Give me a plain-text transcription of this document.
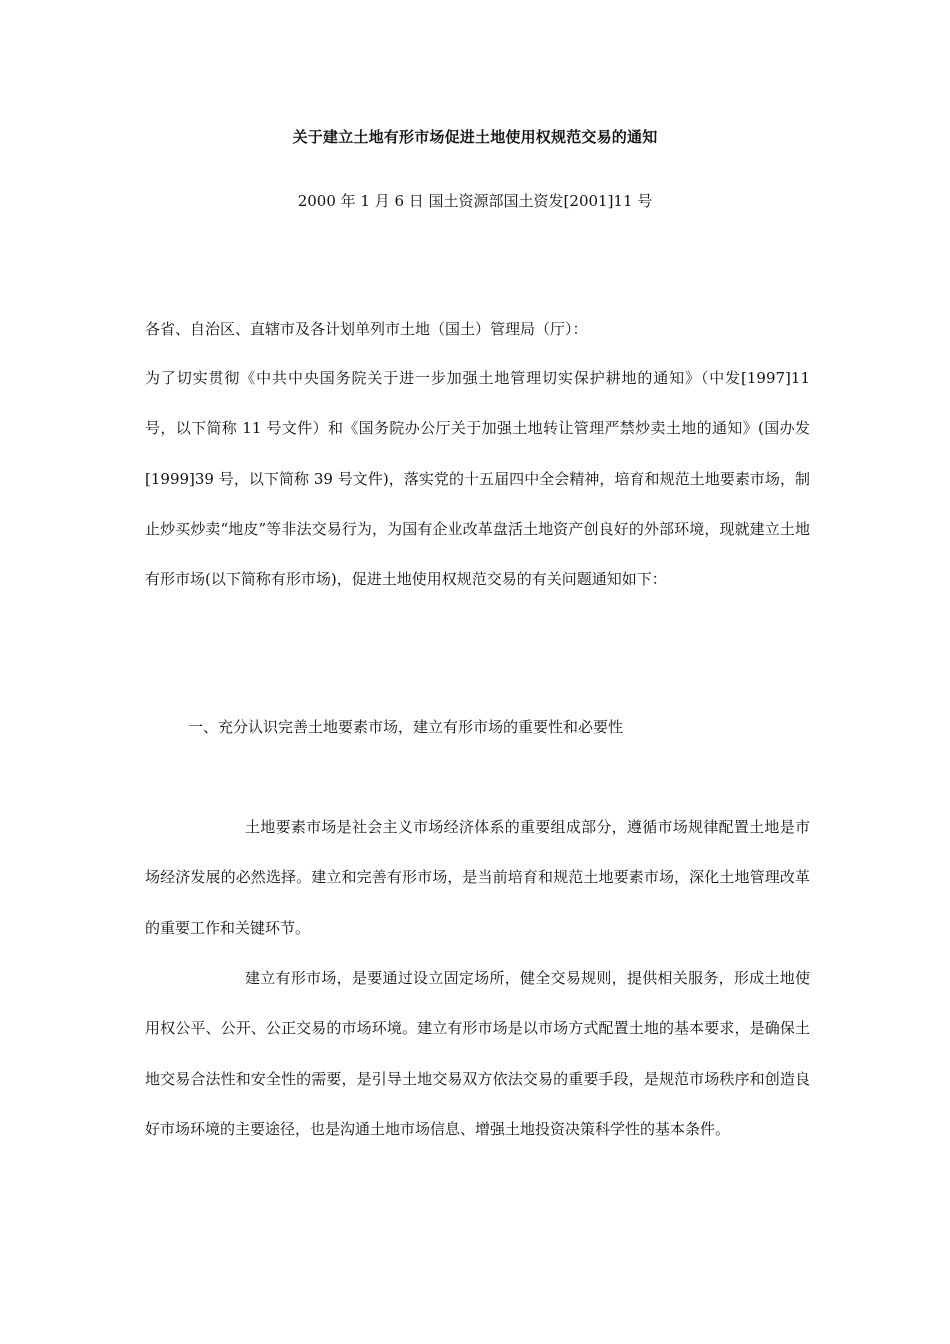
关于建立土地有形市场促进土地使用权规范交易的通知
2000 年 1 月 6 日 国土资源部国土资发[2001]11 号
各省、自治区、直辖市及各计划单列市土地（国土）管理局（厅）：
为了切实贯彻《中共中央国务院关于进一步加强土地管理切实保护耕地的通知》（中发[1997]11 号，以下简称 11 号文件）和《国务院办公厅关于加强土地转让管理严禁炒卖土地的通知》(国办发[1999]39 号，以下简称 39 号文件)，落实党的十五届四中全会精神，培育和规范土地要素市场，制止炒买炒卖“地皮”等非法交易行为，为国有企业改革盘活土地资产创良好的外部环境，现就建立土地有形市场(以下简称有形市场)，促进土地使用权规范交易的有关问题通知如下：
一、充分认识完善土地要素市场，建立有形市场的重要性和必要性
土地要素市场是社会主义市场经济体系的重要组成部分，遵循市场规律配置土地是市场经济发展的必然选择。建立和完善有形市场，是当前培育和规范土地要素市场，深化土地管理改革的重要工作和关键环节。
建立有形市场，是要通过设立固定场所，健全交易规则，提供相关服务，形成土地使用权公平、公开、公正交易的市场环境。建立有形市场是以市场方式配置土地的基本要求，是确保土地交易合法性和安全性的需要，是引导土地交易双方依法交易的重要手段，是规范市场秩序和创造良好市场环境的主要途径，也是沟通土地市场信息、增强土地投资决策科学性的基本条件。
